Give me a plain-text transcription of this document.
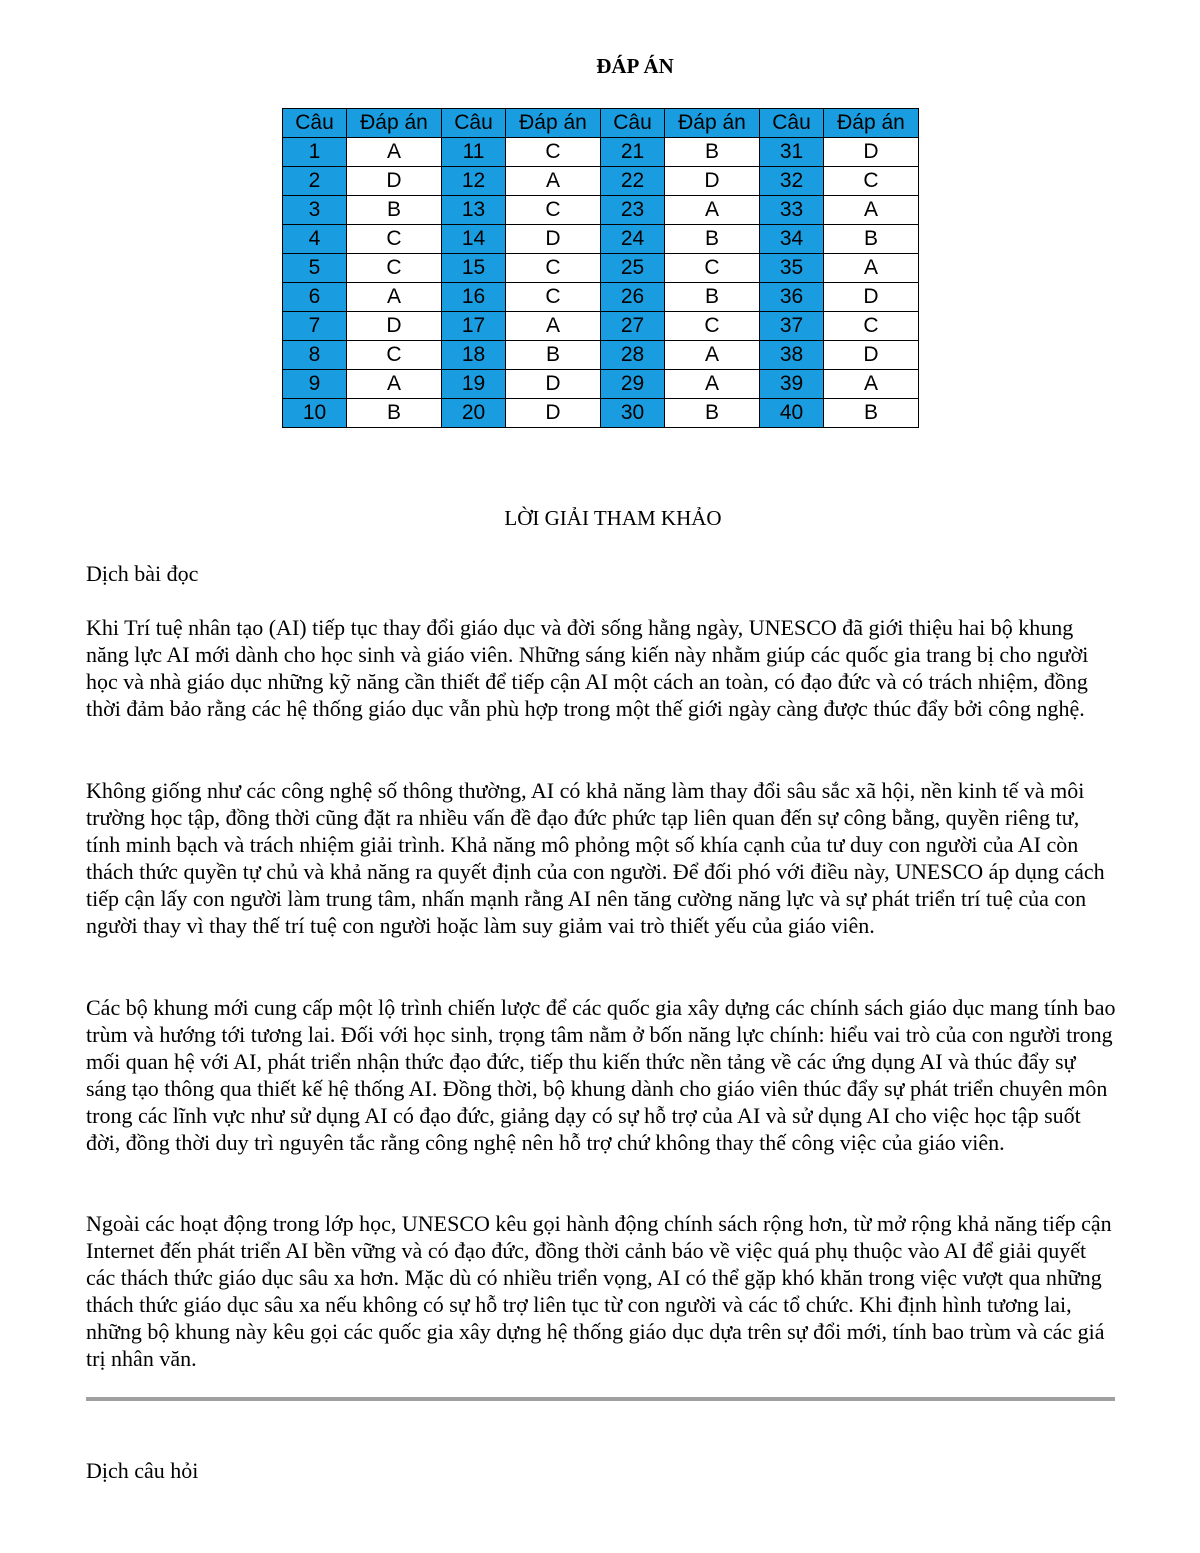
ĐÁP ÁN
Câu	Đáp án	Câu	Đáp án	Câu	Đáp án	Câu	Đáp án
1	A	11	C	21	B	31	D
2	D	12	A	22	D	32	C
3	B	13	C	23	A	33	A
4	C	14	D	24	B	34	B
5	C	15	C	25	C	35	A
6	A	16	C	26	B	36	D
7	D	17	A	27	C	37	C
8	C	18	B	28	A	38	D
9	A	19	D	29	A	39	A
10	B	20	D	30	B	40	B
LỜI GIẢI THAM KHẢO
Dịch bài đọc

Khi Trí tuệ nhân tạo (AI) tiếp tục thay đổi giáo dục và đời sống hằng ngày, UNESCO đã giới thiệu hai bộ khung năng lực AI mới dành cho học sinh và giáo viên. Những sáng kiến này nhằm giúp các quốc gia trang bị cho người học và nhà giáo dục những kỹ năng cần thiết để tiếp cận AI một cách an toàn, có đạo đức và có trách nhiệm, đồng thời đảm bảo rằng các hệ thống giáo dục vẫn phù hợp trong một thế giới ngày càng được thúc đẩy bởi công nghệ.

Không giống như các công nghệ số thông thường, AI có khả năng làm thay đổi sâu sắc xã hội, nền kinh tế và môi trường học tập, đồng thời cũng đặt ra nhiều vấn đề đạo đức phức tạp liên quan đến sự công bằng, quyền riêng tư, tính minh bạch và trách nhiệm giải trình. Khả năng mô phỏng một số khía cạnh của tư duy con người của AI còn thách thức quyền tự chủ và khả năng ra quyết định của con người. Để đối phó với điều này, UNESCO áp dụng cách tiếp cận lấy con người làm trung tâm, nhấn mạnh rằng AI nên tăng cường năng lực và sự phát triển trí tuệ của con người thay vì thay thế trí tuệ con người hoặc làm suy giảm vai trò thiết yếu của giáo viên.

Các bộ khung mới cung cấp một lộ trình chiến lược để các quốc gia xây dựng các chính sách giáo dục mang tính bao trùm và hướng tới tương lai. Đối với học sinh, trọng tâm nằm ở bốn năng lực chính: hiểu vai trò của con người trong mối quan hệ với AI, phát triển nhận thức đạo đức, tiếp thu kiến thức nền tảng về các ứng dụng AI và thúc đẩy sự sáng tạo thông qua thiết kế hệ thống AI. Đồng thời, bộ khung dành cho giáo viên thúc đẩy sự phát triển chuyên môn trong các lĩnh vực như sử dụng AI có đạo đức, giảng dạy có sự hỗ trợ của AI và sử dụng AI cho việc học tập suốt đời, đồng thời duy trì nguyên tắc rằng công nghệ nên hỗ trợ chứ không thay thế công việc của giáo viên.

Ngoài các hoạt động trong lớp học, UNESCO kêu gọi hành động chính sách rộng hơn, từ mở rộng khả năng tiếp cận Internet đến phát triển AI bền vững và có đạo đức, đồng thời cảnh báo về việc quá phụ thuộc vào AI để giải quyết các thách thức giáo dục sâu xa hơn. Mặc dù có nhiều triển vọng, AI có thể gặp khó khăn trong việc vượt qua những thách thức giáo dục sâu xa nếu không có sự hỗ trợ liên tục từ con người và các tổ chức. Khi định hình tương lai, những bộ khung này kêu gọi các quốc gia xây dựng hệ thống giáo dục dựa trên sự đổi mới, tính bao trùm và các giá trị nhân văn.

Dịch câu hỏi
